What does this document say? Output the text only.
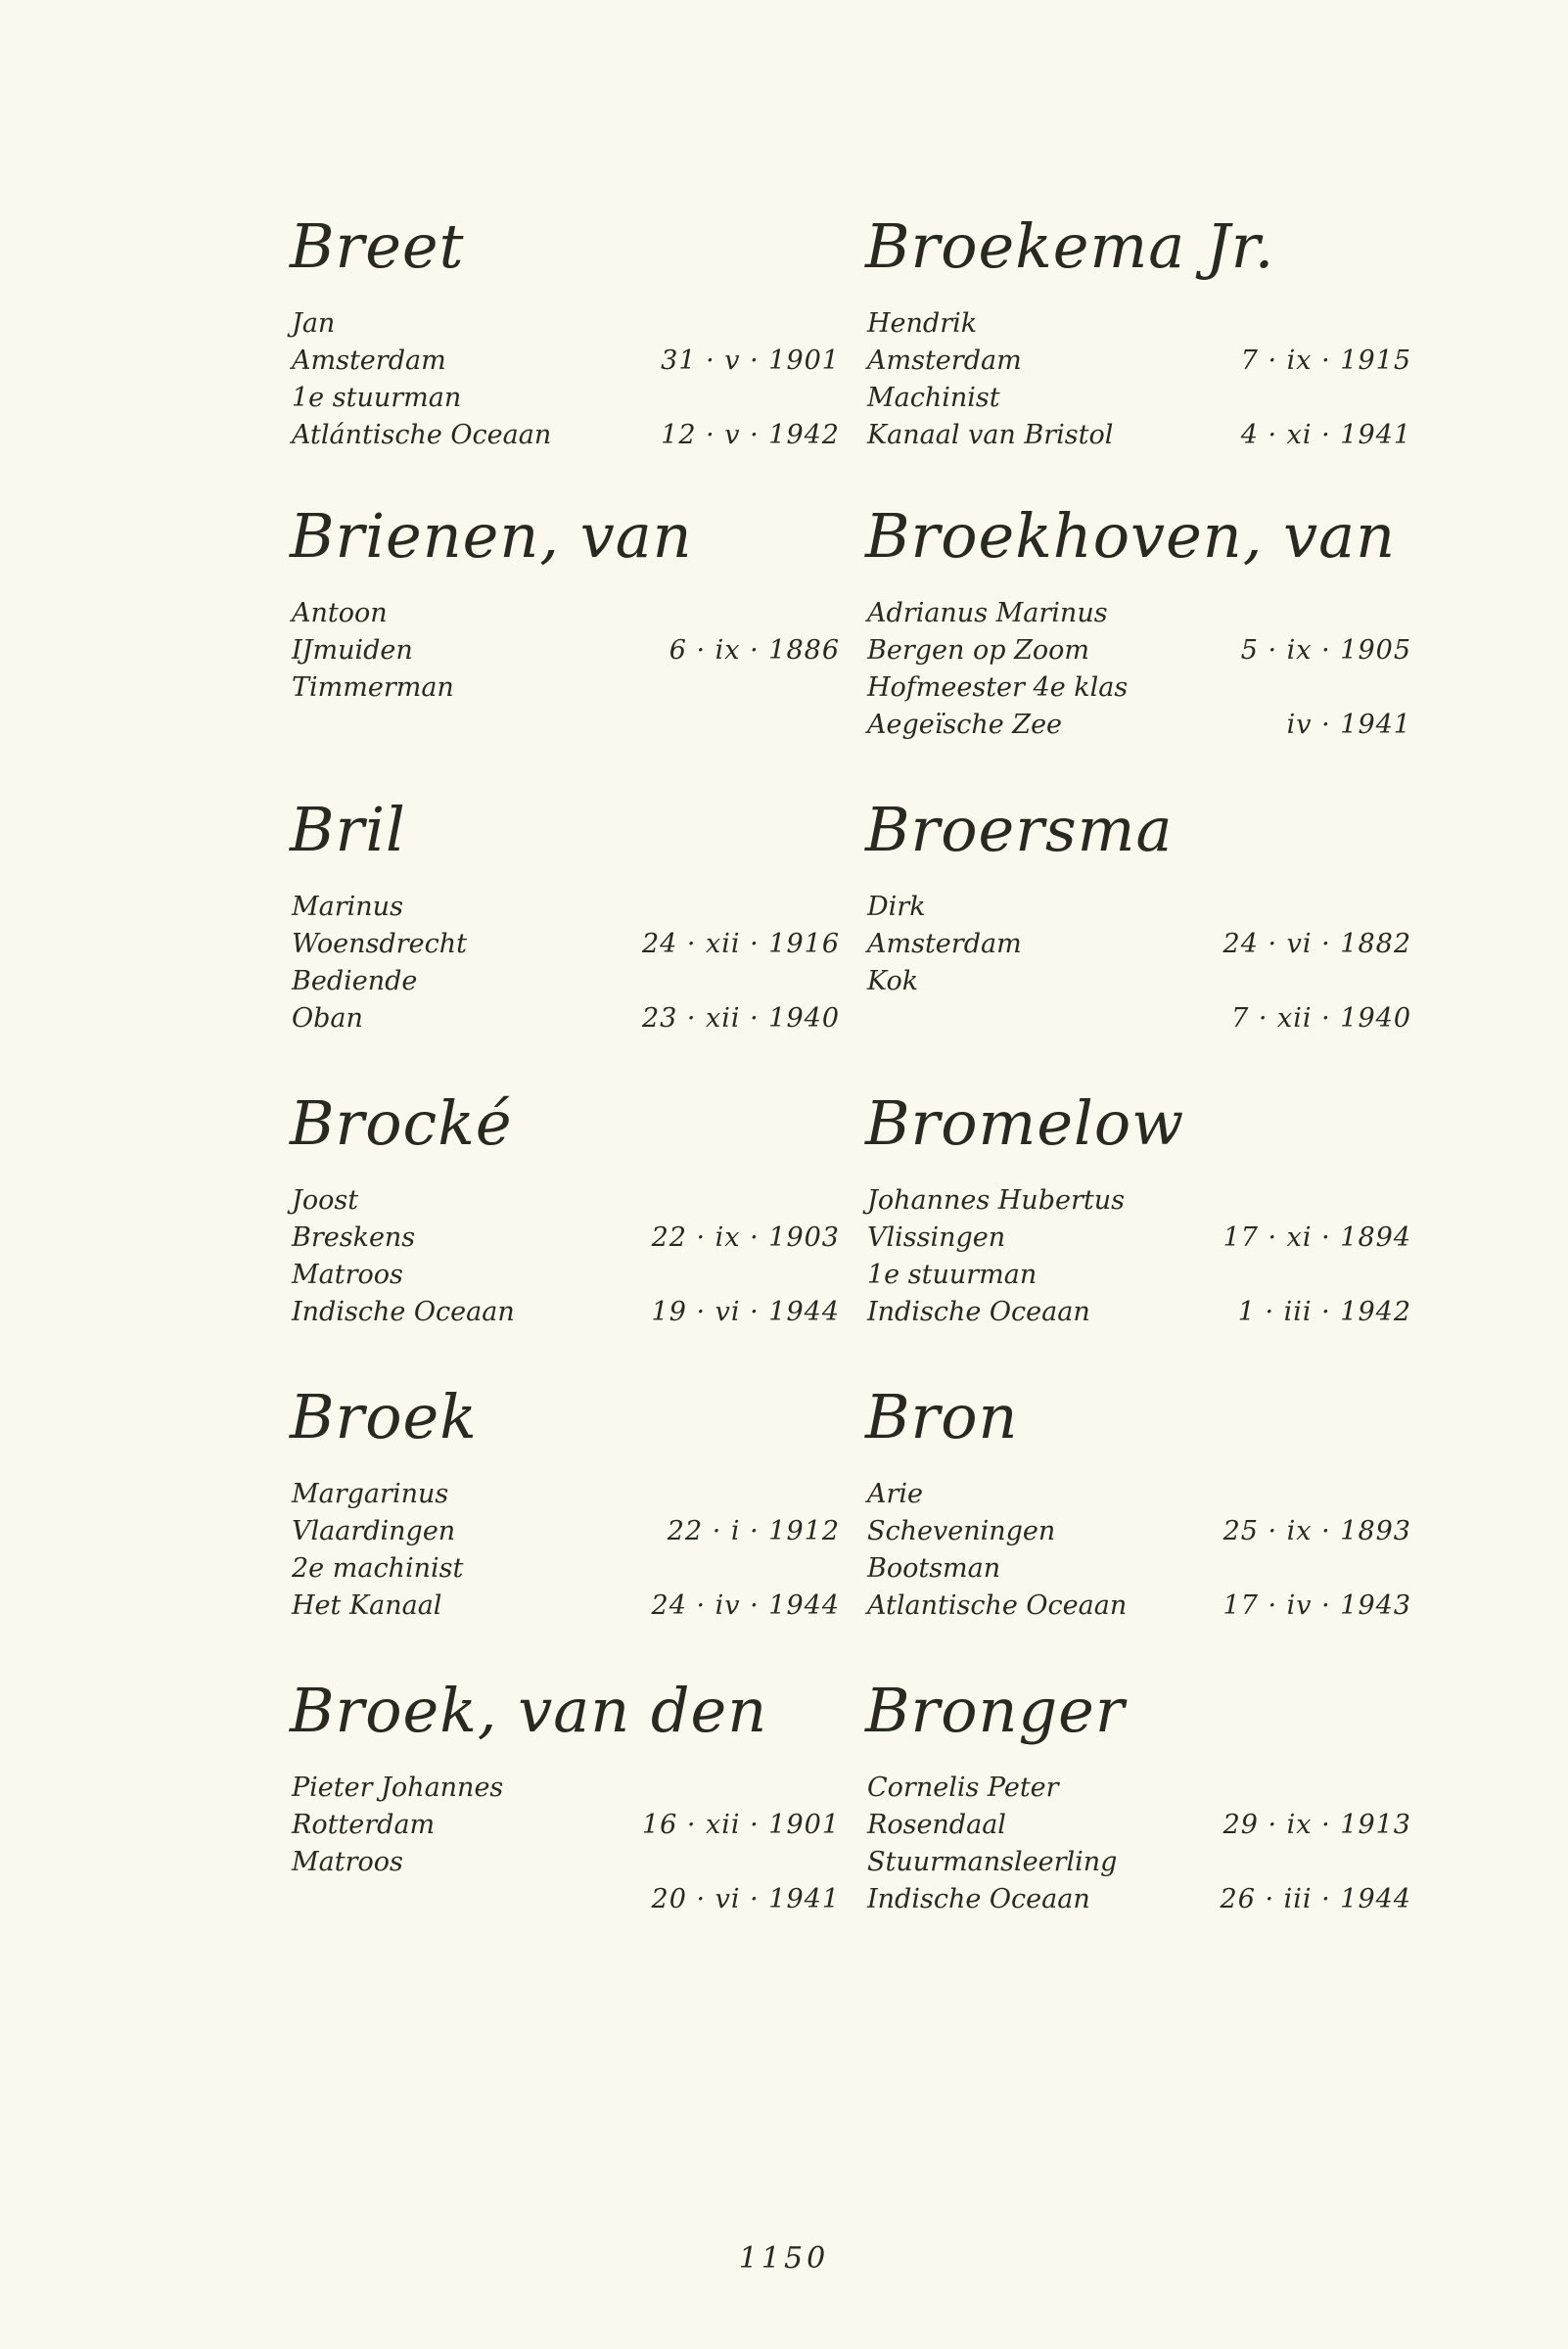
Breet
Jan
Amsterdam	31 · v · 1901
1e stuurman
Atlántische Oceaan	12 · v · 1942
Brienen, van
Antoon
IJmuiden	6 · ix · 1886
Timmerman
Bril
Marinus
Woensdrecht	24 · xii · 1916
Bediende
Oban	23 · xii · 1940
Brocké
Joost
Breskens	22 · ix · 1903
Matroos
Indische Oceaan	19 · vi · 1944
Broek
Margarinus
Vlaardingen	22 · i · 1912
2e machinist
Het Kanaal	24 · iv · 1944
Broek, van den
Pieter Johannes
Rotterdam	16 · xii · 1901
Matroos
20 · vi · 1941
Broekema Jr.
Hendrik
Amsterdam	7 · ix · 1915
Machinist
Kanaal van Bristol	4 · xi · 1941
Broekhoven, van
Adrianus Marinus
Bergen op Zoom	5 · ix · 1905
Hofmeester 4e klas
Aegeïsche Zee	iv · 1941
Broersma
Dirk
Amsterdam	24 · vi · 1882
Kok
7 · xii · 1940
Bromelow
Johannes Hubertus
Vlissingen	17 · xi · 1894
1e stuurman
Indische Oceaan	1 · iii · 1942
Bron
Arie
Scheveningen	25 · ix · 1893
Bootsman
Atlantische Oceaan	17 · iv · 1943
Bronger
Cornelis Peter
Rosendaal	29 · ix · 1913
Stuurmansleerling
Indische Oceaan	26 · iii · 1944
1150
